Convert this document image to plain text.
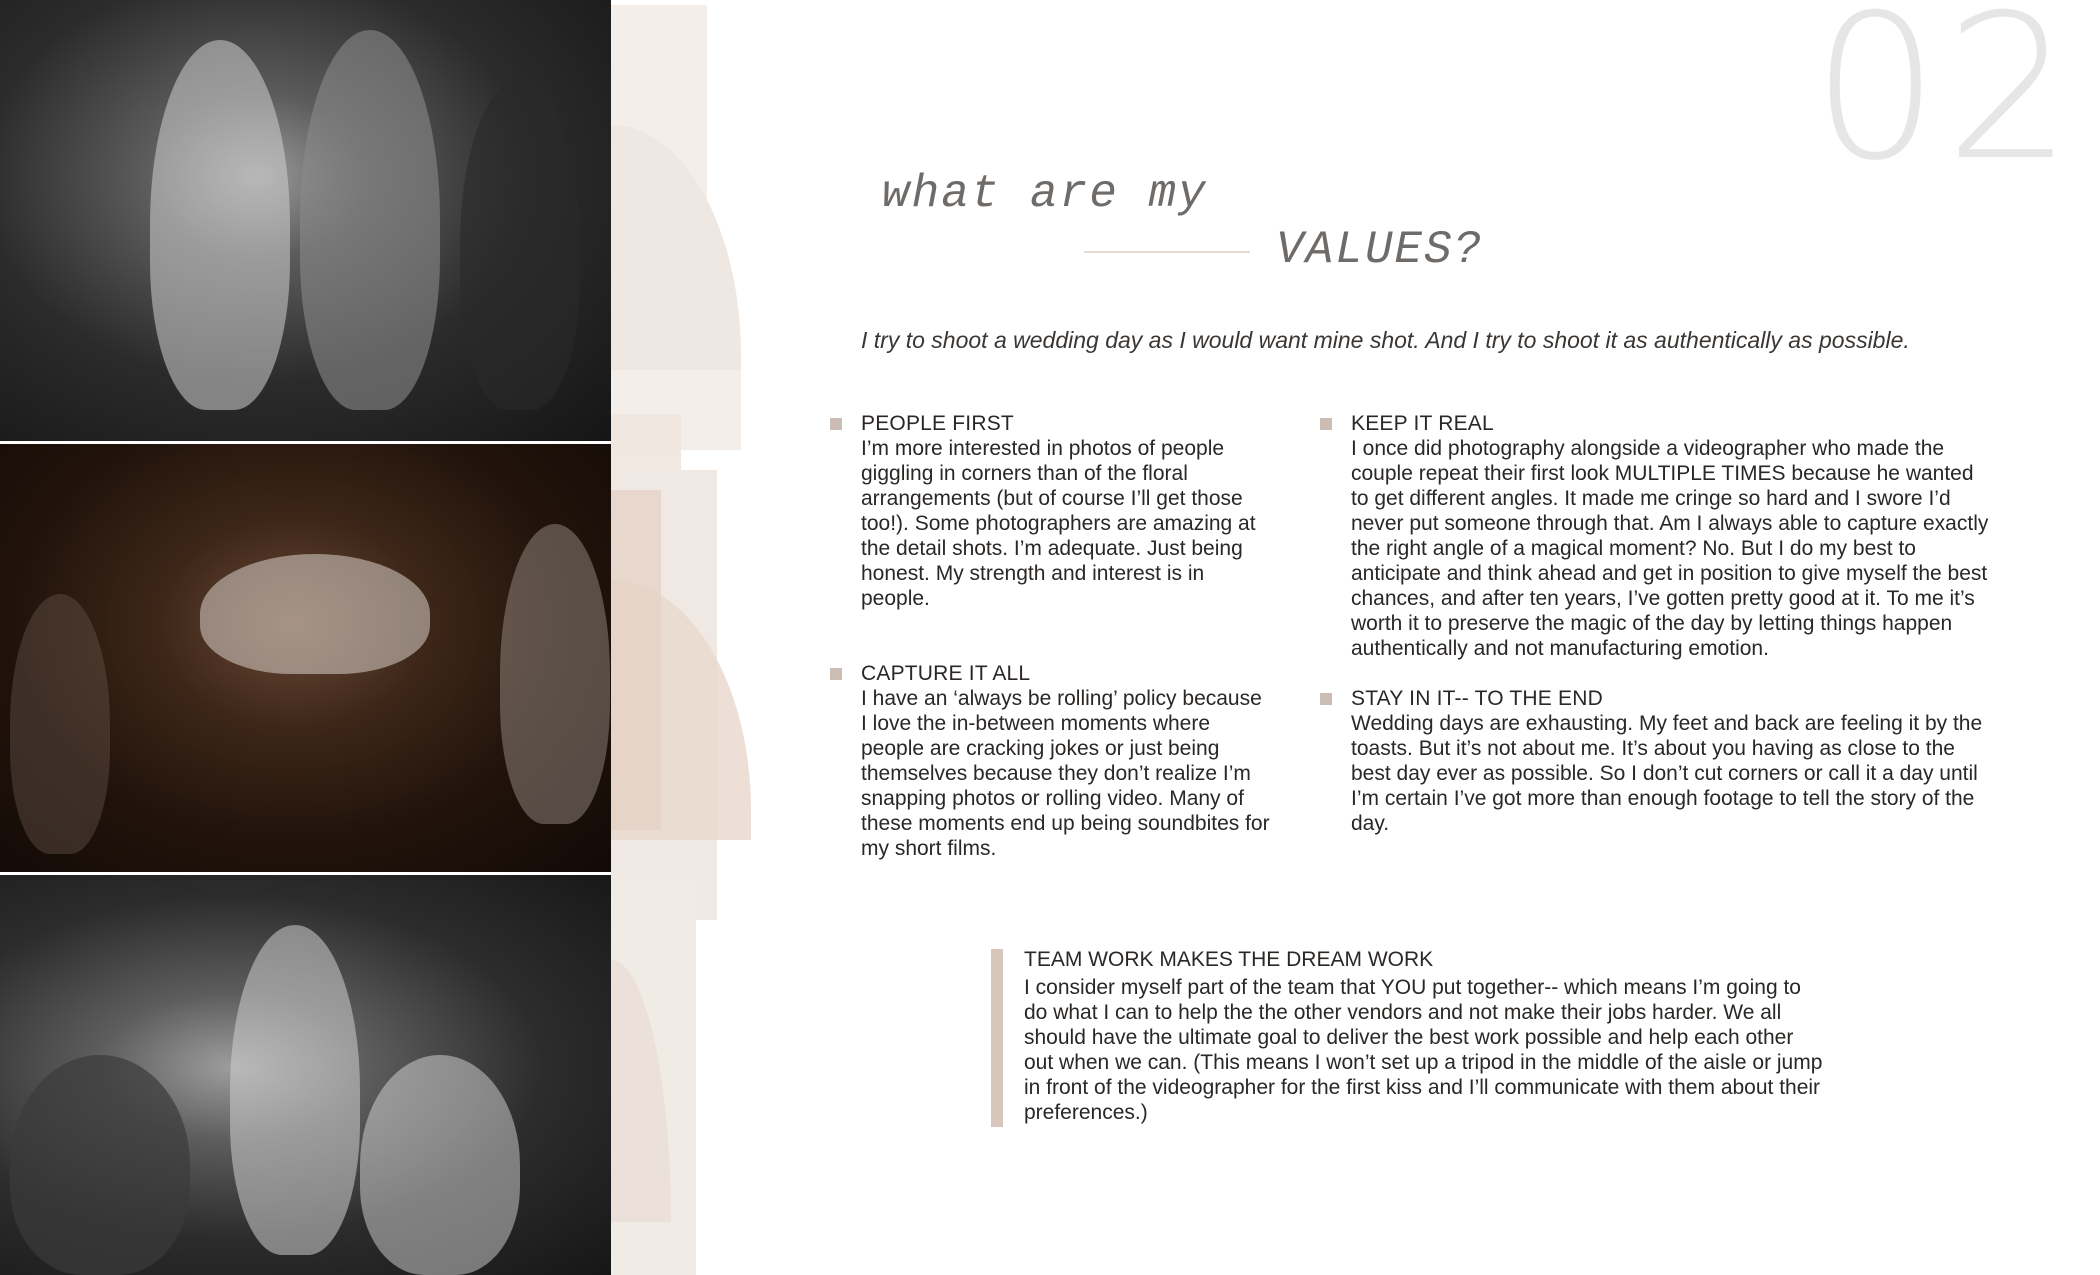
02
what are my
VALUES?
I try to shoot a wedding day as I would want mine shot. And I try to shoot it as authentically as possible.
PEOPLE FIRST
I’m more interested in photos of people giggling in corners than of the floral arrangements (but of course I’ll get those too!). Some photographers are amazing at the detail shots. I’m adequate. Just being honest. My strength and interest is in people.
CAPTURE IT ALL
I have an ‘always be rolling’ policy because I love the in-between moments where people are cracking jokes or just being themselves because they don’t realize I’m snapping photos or rolling video. Many of these moments end up being soundbites for my short films.
KEEP IT REAL
I once did photography alongside a videographer who made the couple repeat their first look MULTIPLE TIMES because he wanted to get different angles. It made me cringe so hard and I swore I’d never put someone through that. Am I always able to capture exactly the right angle of a magical moment? No. But I do my best to anticipate and think ahead and get in position to give myself the best chances, and after ten years, I’ve gotten pretty good at it. To me it’s worth it to preserve the magic of the day by letting things happen authentically and not manufacturing emotion.
STAY IN IT-- TO THE END
Wedding days are exhausting. My feet and back are feeling it by the toasts. But it’s not about me. It’s about you having as close to the best day ever as possible. So I don’t cut corners or call it a day until I’m certain I’ve got more than enough footage to tell the story of the day.
TEAM WORK MAKES THE DREAM WORK
I consider myself part of the team that YOU put together-- which means I’m going to do what I can to help the the other vendors and not make their jobs harder. We all should have the ultimate goal to deliver the best work possible and help each other out when we can. (This means I won’t set up a tripod in the middle of the aisle or jump in front of the videographer for the first kiss and I’ll communicate with them about their preferences.)
